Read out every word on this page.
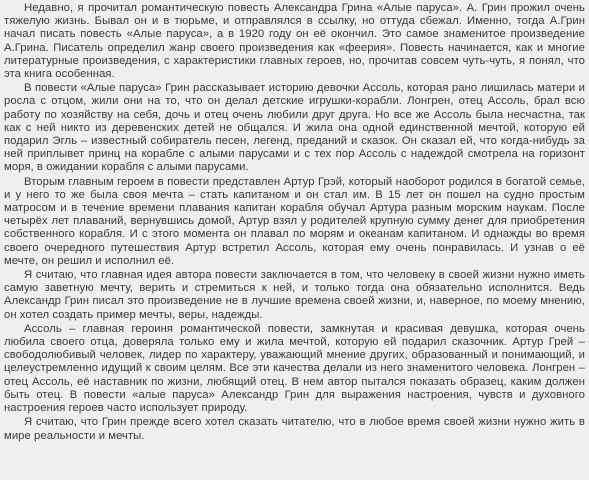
Недавно, я прочитал романтическую повесть Александра Грина «Алые паруса». А. Грин прожил очень тяжелую жизнь. Бывал он и в тюрьме, и отправлялся в ссылку, но оттуда сбежал. Именно, тогда А.Грин начал писать повесть «Алые паруса», а в 1920 году он её окончил. Это самое знаменитое произведение А.Грина. Писатель определил жанр своего произведения как «феерия». Повесть начинается, как и многие литературные произведения, с характеристики главных героев, но, прочитав совсем чуть-чуть, я понял, что эта книга особенная.

В повести «Алые паруса» Грин рассказывает историю девочки Ассоль, которая рано лишилась матери и росла с отцом, жили они на то, что он делал детские игрушки-корабли. Лонгрен, отец Ассоль, брал всю работу по хозяйству на себя, дочь и отец очень любили друг друга. Но все же Ассоль была несчастна, так как с ней никто из деревенских детей не общался. И жила она одной единственной мечтой, которую ей подарил Эгль – известный собиратель песен, легенд, преданий и сказок. Он сказал ей, что когда-нибудь за ней приплывет принц на корабле с алыми парусами и с тех пор Ассоль с надеждой смотрела на горизонт моря, в ожидании корабля с алыми парусами.

Вторым главным героем в повести представлен Артур Грэй, который наоборот родился в богатой семье, и у него то же была своя мечта – стать капитаном и он стал им. В 15 лет он пошел на судно простым матросом и в течение времени плавания капитан корабля обучал Артура разным морским наукам. После четырёх лет плаваний, вернувшись домой, Артур взял у родителей крупную сумму денег для приобретения собственного корабля. И с этого момента он плавал по морям и океанам капитаном. И однажды во время своего очередного путешествия Артур встретил Ассоль, которая ему очень понравилась. И узнав о её мечте, он решил и исполнил её.

Я считаю, что главная идея автора повести заключается в том, что человеку в своей жизни нужно иметь самую заветную мечту, верить и стремиться к ней, и только тогда она обязательно исполнится. Ведь Александр Грин писал это произведение не в лучшие времена своей жизни, и, наверное, по моему мнению, он хотел создать пример мечты, веры, надежды.

Ассоль – главная героиня романтической повести, замкнутая и красивая девушка, которая очень любила своего отца, доверяла только ему и жила мечтой, которую ей подарил сказочник. Артур Грей – свободолюбивый человек, лидер по характеру, уважающий мнение других, образованный и понимающий, и целеустремленно идущий к своим целям. Все эти качества делали из него знаменитого человека. Лонгрен – отец Ассоль, её наставник по жизни, любящий отец. В нем автор пытался показать образец, каким должен быть отец. В повести «алые паруса» Александр Грин для выражения настроения, чувств и духовного настроения героев часто использует природу.

Я считаю, что Грин прежде всего хотел сказать читателю, что в любое время своей жизни нужно жить в мире реальности и мечты.
